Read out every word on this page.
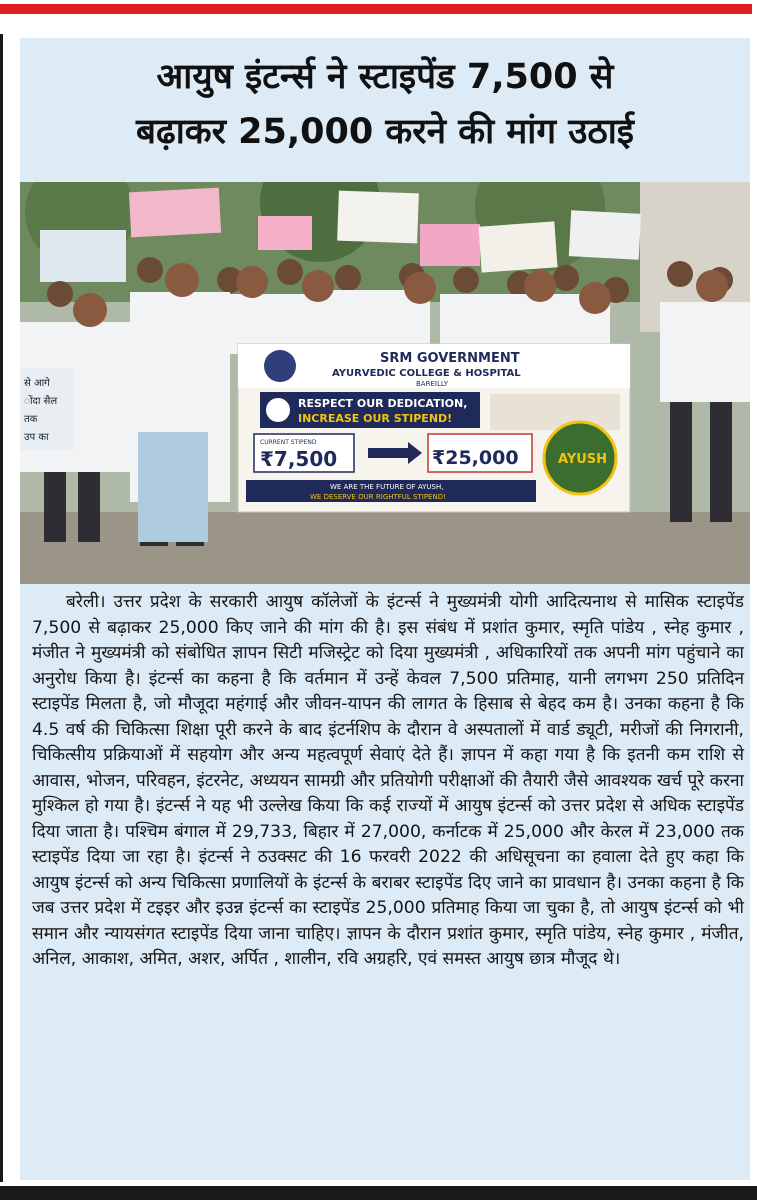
आयुष इंटर्न्स ने स्टाइपेंड 7,500 से
बढ़ाकर 25,000 करने की मांग उठाई
से आगे
ोंदा सैल
तक
उप का
SRM GOVERNMENT
AYURVEDIC COLLEGE & HOSPITAL
BAREILLY
RESPECT OUR DEDICATION,
INCREASE OUR STIPEND!
CURRENT STIPEND
₹7,500	₹25,000	AYUSH
WE ARE THE FUTURE OF AYUSH,
WE DESERVE OUR RIGHTFUL STIPEND!

बरेली। उत्तर प्रदेश के सरकारी आयुष कॉलेजों के इंटर्न्स ने मुख्यमंत्री योगी आदित्यनाथ से मासिक स्टाइपेंड 7,500 से बढ़ाकर 25,000 किए जाने की मांग की है। इस संबंध में प्रशांत कुमार, स्मृति पांडेय , स्नेह कुमार , मंजीत ने मुख्यमंत्री को संबोधित ज्ञापन सिटी मजिस्ट्रेट को दिया मुख्यमंत्री , अधिकारियों तक अपनी मांग पहुंचाने का अनुरोध किया है। इंटर्न्स का कहना है कि वर्तमान में उन्हें केवल 7,500 प्रतिमाह, यानी लगभग 250 प्रतिदिन स्टाइपेंड मिलता है, जो मौजूदा महंगाई और जीवन-यापन की लागत के हिसाब से बेहद कम है। उनका कहना है कि 4.5 वर्ष की चिकित्सा शिक्षा पूरी करने के बाद इंटर्नशिप के दौरान वे अस्पतालों में वार्ड ड्यूटी, मरीजों की निगरानी, चिकित्सीय प्रक्रियाओं में सहयोग और अन्य महत्वपूर्ण सेवाएं देते हैं। ज्ञापन में कहा गया है कि इतनी कम राशि से आवास, भोजन, परिवहन, इंटरनेट, अध्ययन सामग्री और प्रतियोगी परीक्षाओं की तैयारी जैसे आवश्यक खर्च पूरे करना मुश्किल हो गया है। इंटर्न्स ने यह भी उल्लेख किया कि कई राज्यों में आयुष इंटर्न्स को उत्तर प्रदेश से अधिक स्टाइपेंड दिया जाता है। पश्चिम बंगाल में 29,733, बिहार में 27,000, कर्नाटक में 25,000 और केरल में 23,000 तक स्टाइपेंड दिया जा रहा है। इंटर्न्स ने ठउक्सट की 16 फरवरी 2022 की अधिसूचना का हवाला देते हुए कहा कि आयुष इंटर्न्स को अन्य चिकित्सा प्रणालियों के इंटर्न्स के बराबर स्टाइपेंड दिए जाने का प्रावधान है। उनका कहना है कि जब उत्तर प्रदेश में टइइर और इउन्न इंटर्न्स का स्टाइपेंड 25,000 प्रतिमाह किया जा चुका है, तो आयुष इंटर्न्स को भी समान और न्यायसंगत स्टाइपेंड दिया जाना चाहिए। ज्ञापन के दौरान प्रशांत कुमार, स्मृति पांडेय, स्नेह कुमार , मंजीत, अनिल, आकाश, अमित, अशर, अर्पित , शालीन, रवि अग्रहरि, एवं समस्त आयुष छात्र मौजूद थे।
